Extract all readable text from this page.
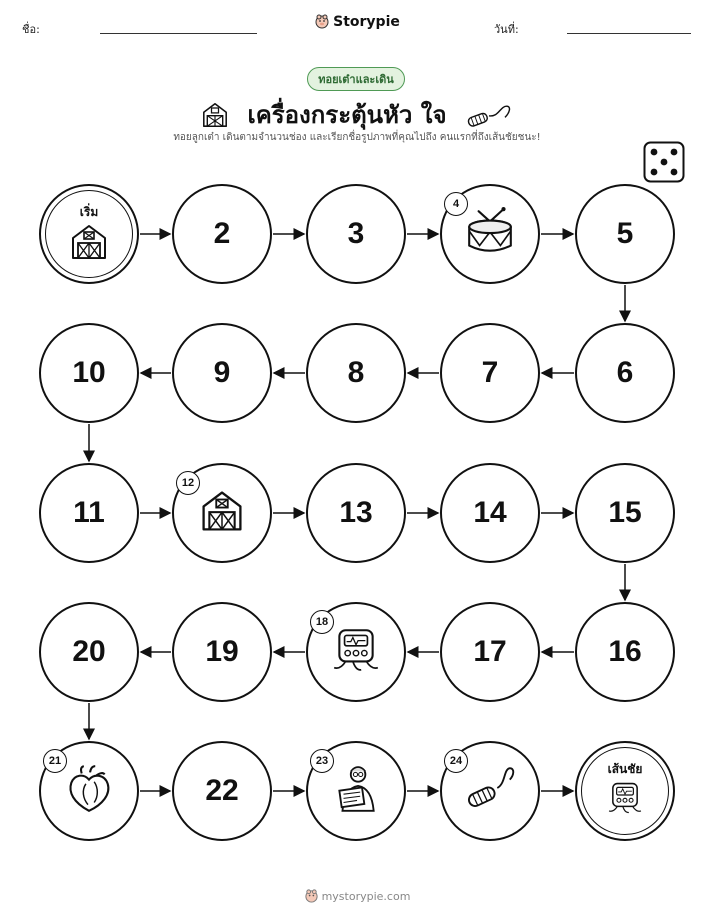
ชื่อ:	Storypie	วันที่:
ทอยเต๋าและเดิน
เครื่องกระตุ้นหัว ใจ
ทอยลูกเต๋า เดินตามจำนวนช่อง และเรียกชื่อรูปภาพที่คุณไปถึง คนแรกที่ถึงเส้นชัยชนะ!
เริ่ม
2	3
4
5
6
7
8
9
10
11
12
13	14	15
16
17
18
19
20
21
22
23	24
เส้นชัย
mystorypie.com
